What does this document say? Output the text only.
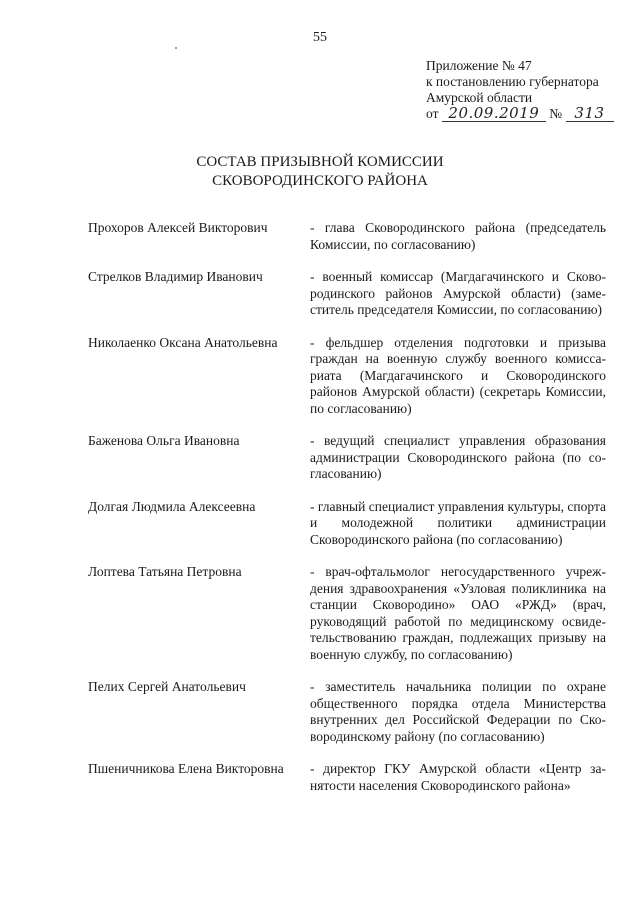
55
Приложение № 47
к постановлению губернатора
Амурской области
от 20.09.2019 № 313
СОСТАВ ПРИЗЫВНОЙ КОМИССИИ
СКОВОРОДИНСКОГО РАЙОНА
Прохоров Алексей Викторович	- глава Сковородинского района (председатель Комиссии, по согласованию)
Стрелков Владимир Иванович	- военный комиссар (Магдагачинского и Сковородинского районов Амурской области) (заместитель председателя Комиссии, по согласованию)
Николаенко Оксана Анатольевна	- фельдшер отделения подготовки и призыва граждан на военную службу военного комиссариата (Магдагачинского и Сковородинского районов Амурской области) (секретарь Комиссии, по согласованию)
Баженова Ольга Ивановна	- ведущий специалист управления образования администрации Сковородинского района (по согласованию)
Долгая Людмила Алексеевна	- главный специалист управления культуры, спорта и молодежной политики администрации Сковородинского района (по согласованию)
Лоптева Татьяна Петровна	- врач-офтальмолог негосударственного учреждения здравоохранения «Узловая поликлиника на станции Сковородино» ОАО «РЖД» (врач, руководящий работой по медицинскому освидетельствованию граждан, подлежащих призыву на военную службу, по согласованию)
Пелих Сергей Анатольевич	- заместитель начальника полиции по охране общественного порядка отдела Министерства внутренних дел Российской Федерации по Сковородинскому району (по согласованию)
Пшеничникова Елена Викторовна	- директор ГКУ Амурской области «Центр занятости населения Сковородинского района»
